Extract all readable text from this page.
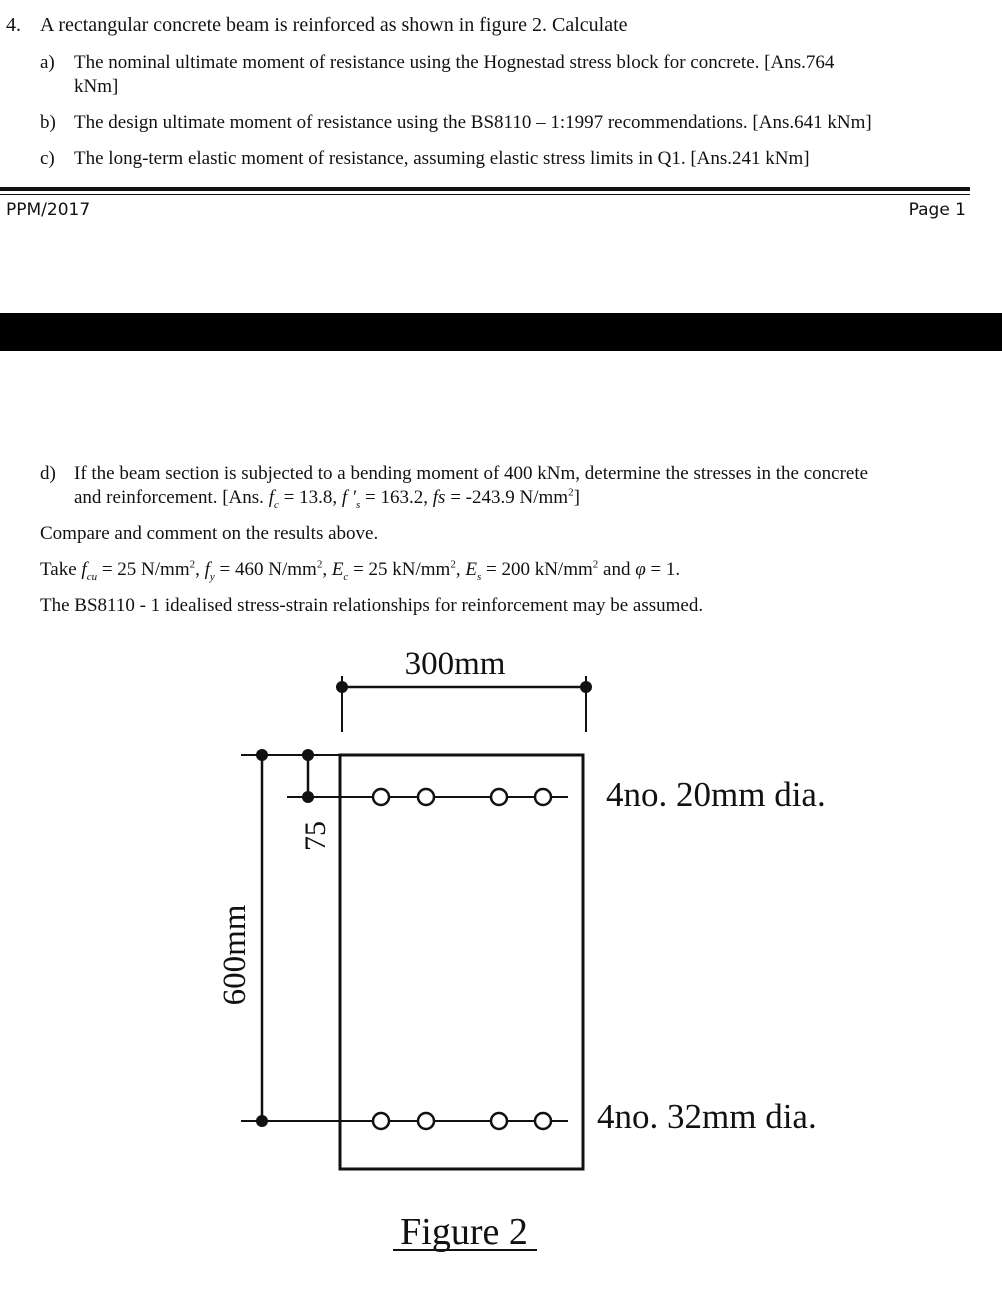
4. A rectangular concrete beam is reinforced as shown in figure 2. Calculate
a) The nominal ultimate moment of resistance using the Hognestad stress block for concrete. [Ans.764
kNm]
b) The design ultimate moment of resistance using the BS8110 – 1:1997 recommendations. [Ans.641 kNm]
c) The long-term elastic moment of resistance, assuming elastic stress limits in Q1. [Ans.241 kNm]
PPM/2017	Page 1
d) If the beam section is subjected to a bending moment of 400 kNm, determine the stresses in the concrete
and reinforcement. [Ans. $f_c = 13.8$, f $'_s = 163.2$, fs = -243.9 $N/mm^2$]
Compare and comment on the results above.
Take $f_{cu} = 25$ $N/mm^2$, $f_y = 460$ $N/mm^2$, $E_c = 25$ $kN/mm^2$, $E_s = 200$ $kN/mm^2$ and φ = 1.
The BS8110 - 1 idealised stress-strain relationships for reinforcement may be assumed.
300mm
600mm
75
4no. 20mm dia.
4no. 32mm dia.
Figure 2
